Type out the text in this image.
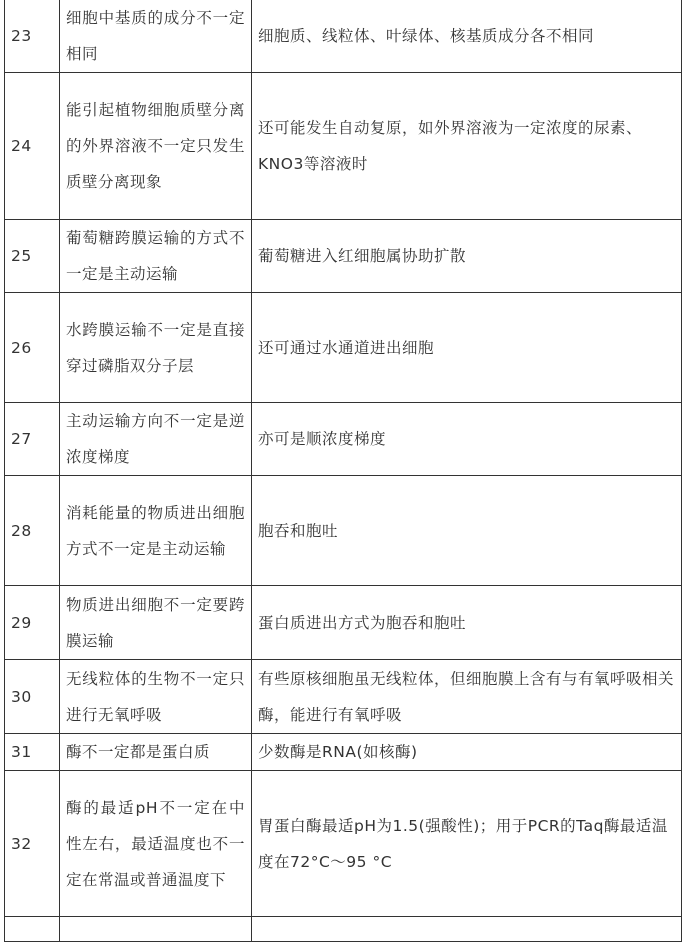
23	细胞中基质的成分不一定相同	细胞质、线粒体、叶绿体、核基质成分各不相同
24	能引起植物细胞质壁分离的外界溶液不一定只发生质壁分离现象	还可能发生自动复原，如外界溶液为一定浓度的尿素、KNO3等溶液时
25	葡萄糖跨膜运输的方式不一定是主动运输	葡萄糖进入红细胞属协助扩散
26	水跨膜运输不一定是直接穿过磷脂双分子层	还可通过水通道进出细胞
27	主动运输方向不一定是逆浓度梯度	亦可是顺浓度梯度
28	消耗能量的物质进出细胞方式不一定是主动运输	胞吞和胞吐
29	物质进出细胞不一定要跨膜运输	蛋白质进出方式为胞吞和胞吐
30	无线粒体的生物不一定只进行无氧呼吸	有些原核细胞虽无线粒体，但细胞膜上含有与有氧呼吸相关酶，能进行有氧呼吸
31	酶不一定都是蛋白质	少数酶是RNA(如核酶)
32	酶的最适pH不一定在中性左右，最适温度也不一定在常温或普通温度下	胃蛋白酶最适pH为1.5(强酸性)；用于PCR的Taq酶最适温度在72°C～95 °C
